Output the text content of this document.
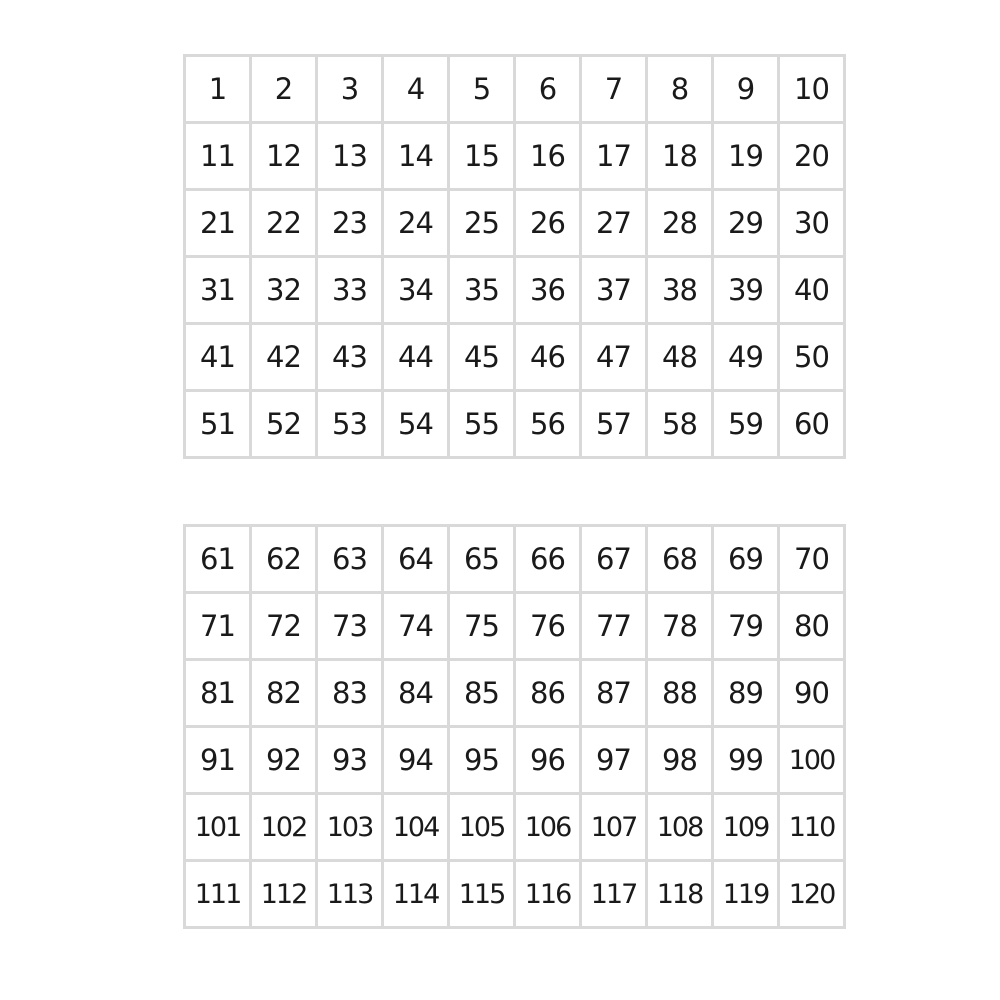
1	2	3	4	5	6	7	8	9	10
11	12	13	14	15	16	17	18	19	20
21	22	23	24	25	26	27	28	29	30
31	32	33	34	35	36	37	38	39	40
41	42	43	44	45	46	47	48	49	50
51	52	53	54	55	56	57	58	59	60
61	62	63	64	65	66	67	68	69	70
71	72	73	74	75	76	77	78	79	80
81	82	83	84	85	86	87	88	89	90
91	92	93	94	95	96	97	98	99	100
101	102	103	104	105	106	107	108	109	110
111	112	113	114	115	116	117	118	119	120
